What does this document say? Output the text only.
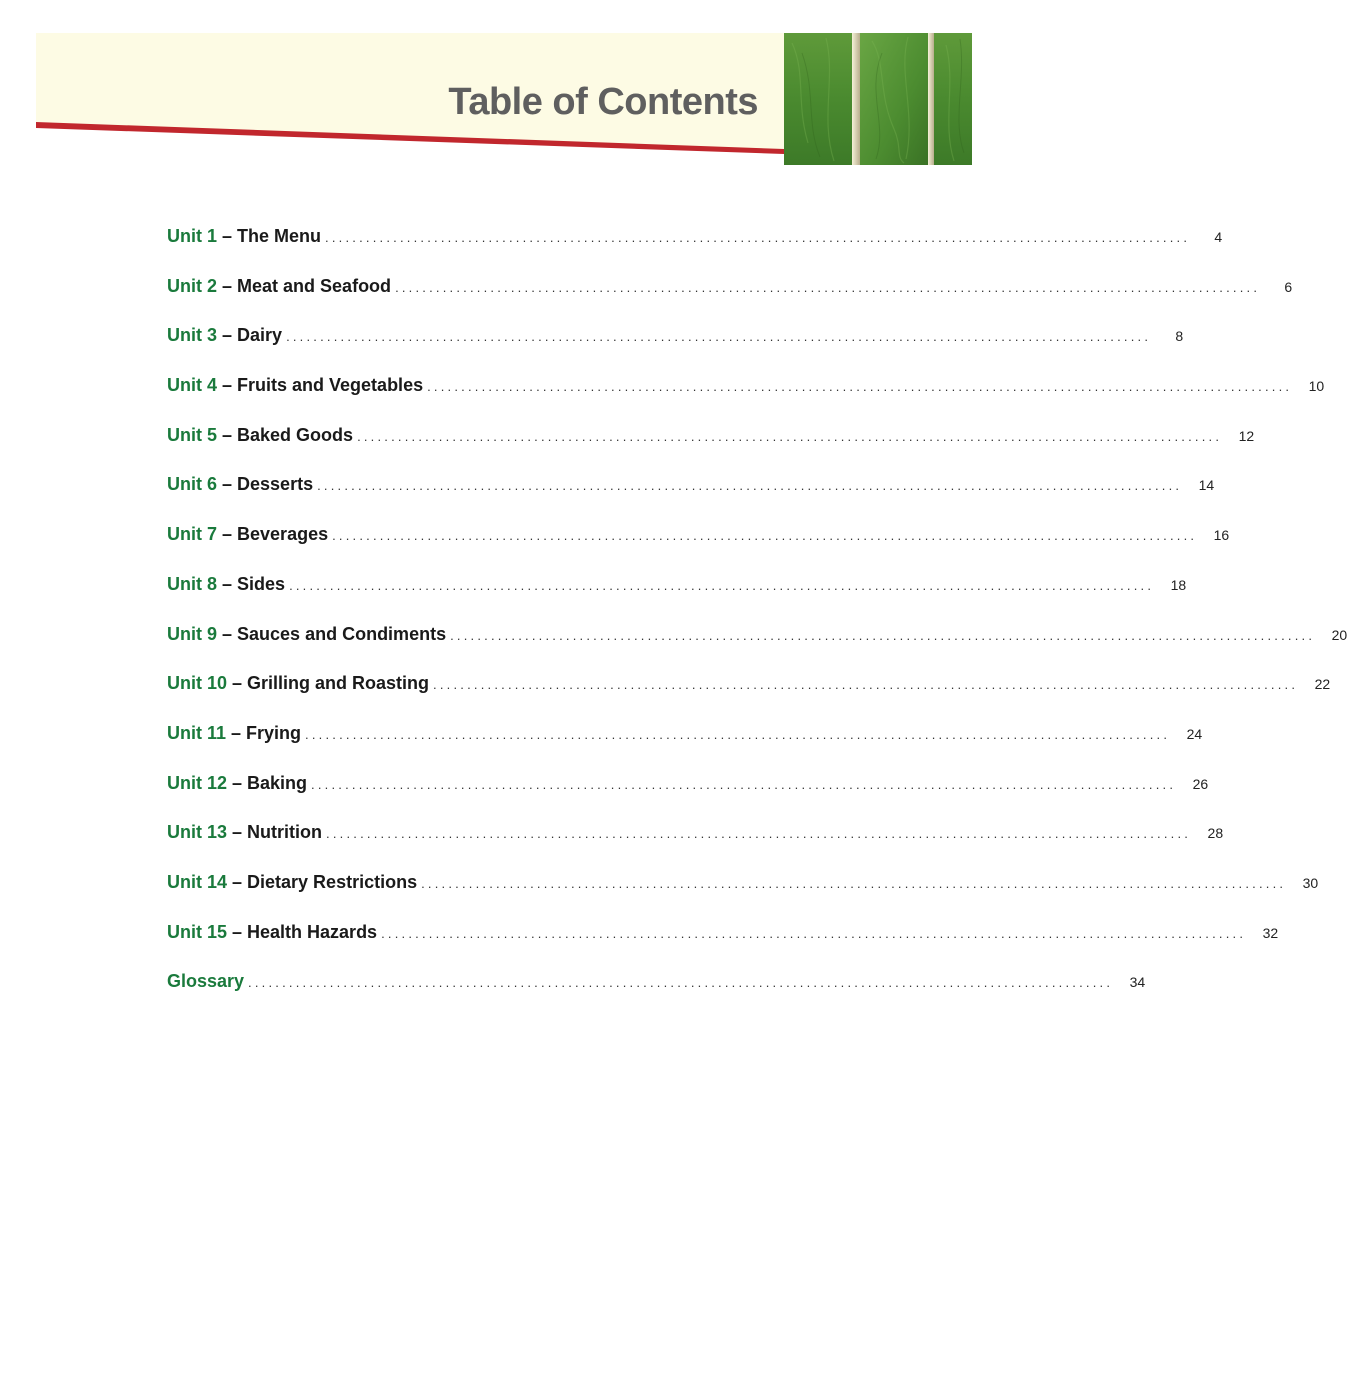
Table of Contents
Unit 1 – The Menu ...............................................................................................................................	4
Unit 2 – Meat and Seafood ...............................................................................................................................	6
Unit 3 – Dairy ...............................................................................................................................	8
Unit 4 – Fruits and Vegetables ...............................................................................................................................	10
Unit 5 – Baked Goods ...............................................................................................................................	12
Unit 6 – Desserts ...............................................................................................................................	14
Unit 7 – Beverages ...............................................................................................................................	16
Unit 8 – Sides ...............................................................................................................................	18
Unit 9 – Sauces and Condiments ...............................................................................................................................	20
Unit 10 – Grilling and Roasting ...............................................................................................................................	22
Unit 11 – Frying ...............................................................................................................................	24
Unit 12 – Baking ...............................................................................................................................	26
Unit 13 – Nutrition ...............................................................................................................................	28
Unit 14 – Dietary Restrictions ...............................................................................................................................	30
Unit 15 – Health Hazards ...............................................................................................................................	32
Glossary ...............................................................................................................................	34
